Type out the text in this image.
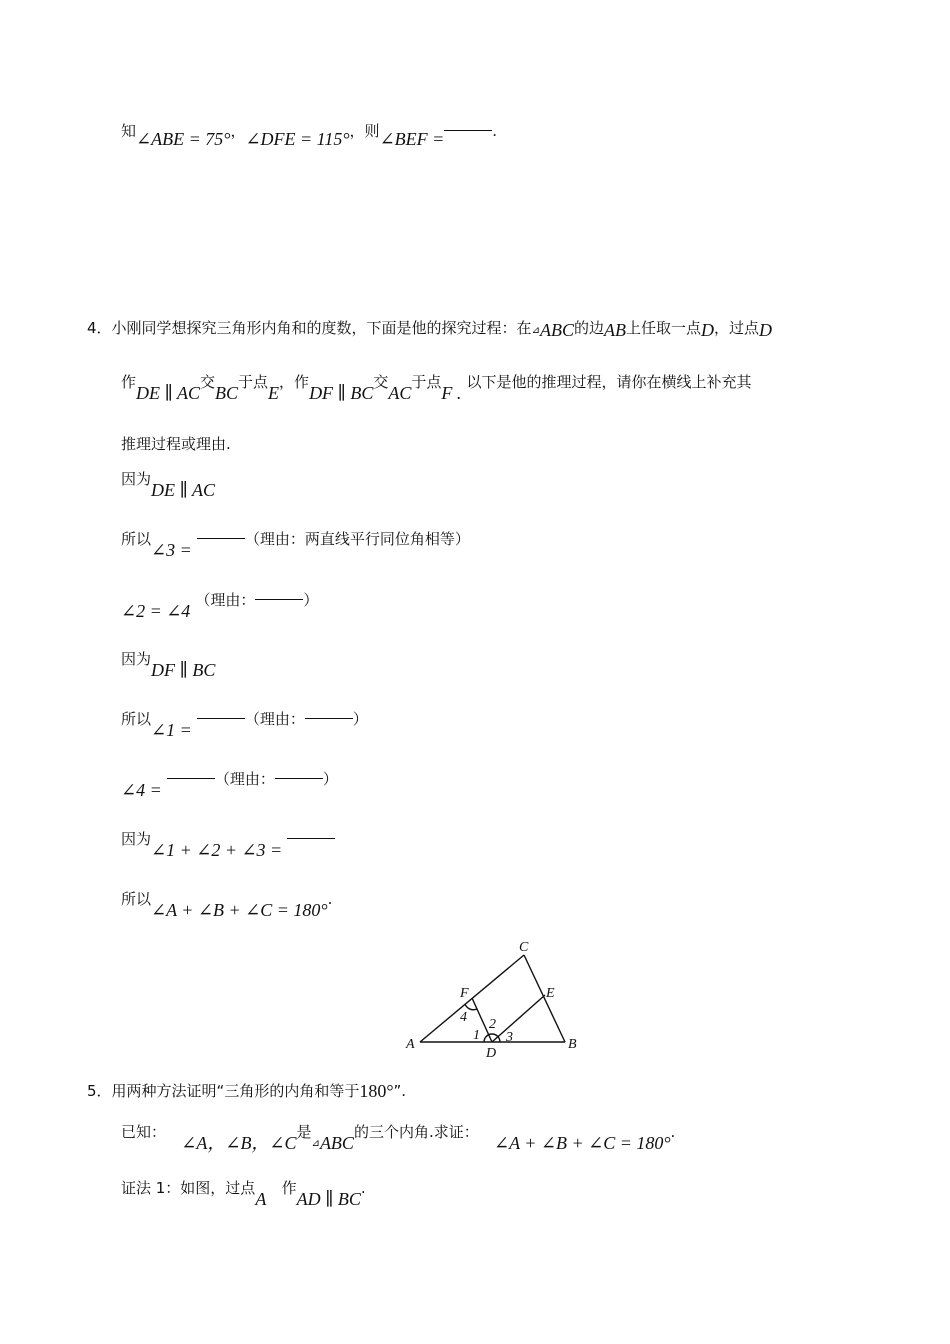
知∠ABE = 75°，∠DFE = 115°，则∠BEF =	.
4．小刚同学想探究三角形内角和的度数，下面是他的探究过程：在⊿ABC的边AB上任取一点D，过点D
作DE ∥ AC交BC于点E，作DF ∥ BC交AC于点F . 以下是他的推理过程，请你在横线上补充其
推理过程或理由.
因为DE ∥ AC
所以∠3 = （理由：两直线平行同位角相等）
∠2 = ∠4 （理由：	）
因为DF ∥ BC
所以∠1 = （理由：	）
∠4 = （理由：	）
因为∠1 + ∠2 + ∠3 =
所以∠A + ∠B + ∠C = 180°.
A	B
C
D
E
F
1
2
3
4
5．用两种方法证明“三角形的内角和等于180°”.
已知：   ∠A，∠B，∠C是$_⊿$ABC的三个内角.求证：   ∠A + ∠B + ∠C = 180°.
证法 1：如图，过点A   作AD ∥ BC.
